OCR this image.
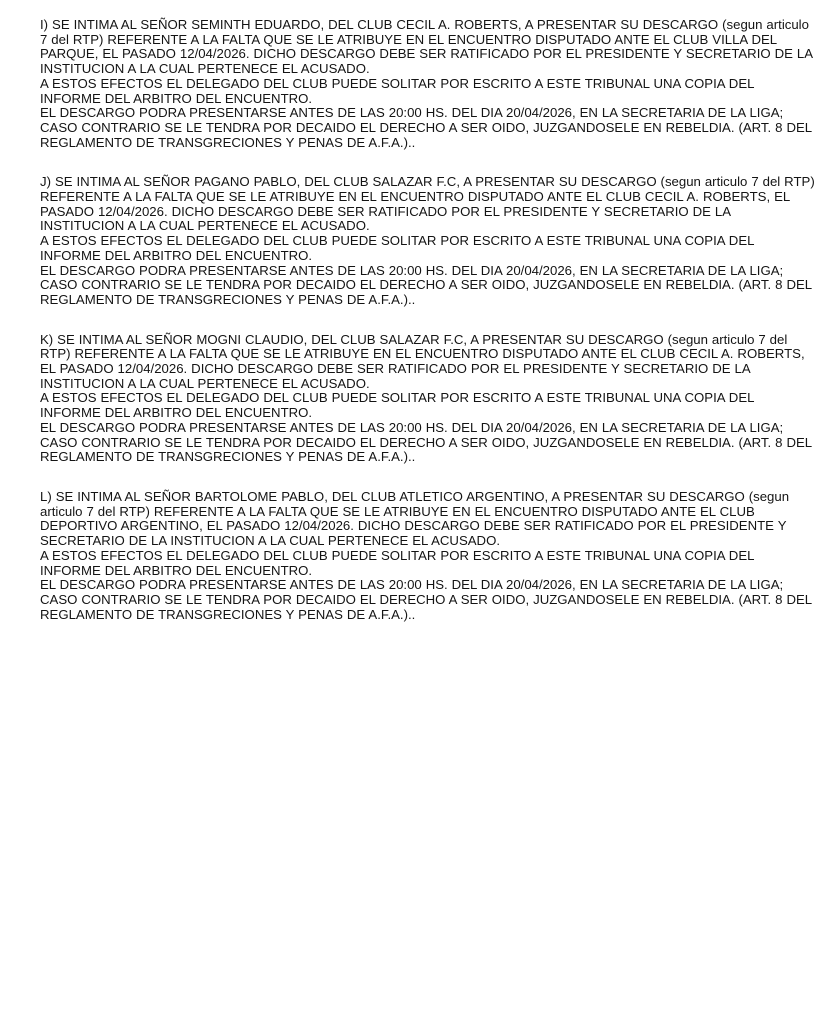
I) SE INTIMA AL SEÑOR SEMINTH EDUARDO, DEL CLUB CECIL A. ROBERTS, A PRESENTAR SU DESCARGO (segun articulo 7 del RTP) REFERENTE A LA FALTA QUE SE LE ATRIBUYE EN EL ENCUENTRO DISPUTADO ANTE EL CLUB VILLA DEL PARQUE, EL PASADO 12/04/2026. DICHO DESCARGO DEBE SER RATIFICADO POR EL PRESIDENTE Y SECRETARIO DE LA INSTITUCION A LA CUAL PERTENECE EL ACUSADO.

A ESTOS EFECTOS EL DELEGADO DEL CLUB PUEDE SOLITAR POR ESCRITO A ESTE TRIBUNAL UNA COPIA DEL INFORME DEL ARBITRO DEL ENCUENTRO.

EL DESCARGO PODRA PRESENTARSE ANTES DE LAS 20:00 HS. DEL DIA 20/04/2026, EN LA SECRETARIA DE LA LIGA; CASO CONTRARIO SE LE TENDRA POR DECAIDO EL DERECHO A SER OIDO, JUZGANDOSELE EN REBELDIA. (ART. 8 DEL REGLAMENTO DE TRANSGRECIONES Y PENAS DE A.F.A.)..

J) SE INTIMA AL SEÑOR PAGANO PABLO, DEL CLUB SALAZAR F.C, A PRESENTAR SU DESCARGO (segun articulo 7 del RTP) REFERENTE A LA FALTA QUE SE LE ATRIBUYE EN EL ENCUENTRO DISPUTADO ANTE EL CLUB CECIL A. ROBERTS, EL PASADO 12/04/2026. DICHO DESCARGO DEBE SER RATIFICADO POR EL PRESIDENTE Y SECRETARIO DE LA INSTITUCION A LA CUAL PERTENECE EL ACUSADO.

A ESTOS EFECTOS EL DELEGADO DEL CLUB PUEDE SOLITAR POR ESCRITO A ESTE TRIBUNAL UNA COPIA DEL INFORME DEL ARBITRO DEL ENCUENTRO.

EL DESCARGO PODRA PRESENTARSE ANTES DE LAS 20:00 HS. DEL DIA 20/04/2026, EN LA SECRETARIA DE LA LIGA; CASO CONTRARIO SE LE TENDRA POR DECAIDO EL DERECHO A SER OIDO, JUZGANDOSELE EN REBELDIA. (ART. 8 DEL REGLAMENTO DE TRANSGRECIONES Y PENAS DE A.F.A.)..

K) SE INTIMA AL SEÑOR MOGNI CLAUDIO, DEL CLUB SALAZAR F.C, A PRESENTAR SU DESCARGO (segun articulo 7 del RTP) REFERENTE A LA FALTA QUE SE LE ATRIBUYE EN EL ENCUENTRO DISPUTADO ANTE EL CLUB CECIL A. ROBERTS, EL PASADO 12/04/2026. DICHO DESCARGO DEBE SER RATIFICADO POR EL PRESIDENTE Y SECRETARIO DE LA INSTITUCION A LA CUAL PERTENECE EL ACUSADO.

A ESTOS EFECTOS EL DELEGADO DEL CLUB PUEDE SOLITAR POR ESCRITO A ESTE TRIBUNAL UNA COPIA DEL INFORME DEL ARBITRO DEL ENCUENTRO.

EL DESCARGO PODRA PRESENTARSE ANTES DE LAS 20:00 HS. DEL DIA 20/04/2026, EN LA SECRETARIA DE LA LIGA; CASO CONTRARIO SE LE TENDRA POR DECAIDO EL DERECHO A SER OIDO, JUZGANDOSELE EN REBELDIA. (ART. 8 DEL REGLAMENTO DE TRANSGRECIONES Y PENAS DE A.F.A.)..

L) SE INTIMA AL SEÑOR BARTOLOME PABLO, DEL CLUB ATLETICO ARGENTINO, A PRESENTAR SU DESCARGO (segun articulo 7 del RTP) REFERENTE A LA FALTA QUE SE LE ATRIBUYE EN EL ENCUENTRO DISPUTADO ANTE EL CLUB DEPORTIVO ARGENTINO, EL PASADO 12/04/2026. DICHO DESCARGO DEBE SER RATIFICADO POR EL PRESIDENTE Y SECRETARIO DE LA INSTITUCION A LA CUAL PERTENECE EL ACUSADO.

A ESTOS EFECTOS EL DELEGADO DEL CLUB PUEDE SOLITAR POR ESCRITO A ESTE TRIBUNAL UNA COPIA DEL INFORME DEL ARBITRO DEL ENCUENTRO.

EL DESCARGO PODRA PRESENTARSE ANTES DE LAS 20:00 HS. DEL DIA 20/04/2026, EN LA SECRETARIA DE LA LIGA; CASO CONTRARIO SE LE TENDRA POR DECAIDO EL DERECHO A SER OIDO, JUZGANDOSELE EN REBELDIA. (ART. 8 DEL REGLAMENTO DE TRANSGRECIONES Y PENAS DE A.F.A.)..
